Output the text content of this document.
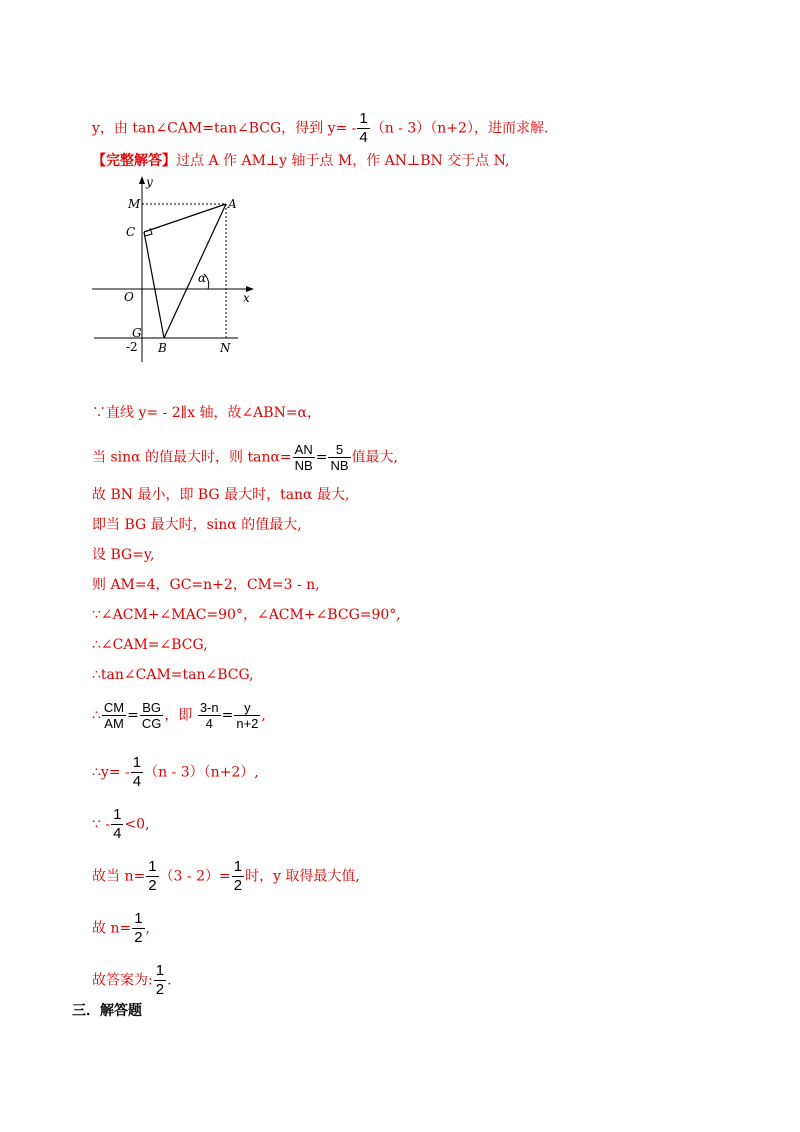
y，由 tan∠CAM=tan∠BCG，得到 $y= - \frac{1}{4} (n - 3)(n+2)$，进而求解.
【完整解答】过点 A 作 AM⊥y 轴于点 M，作 AN⊥BN 交于点 N,
y
x
M	A
C
O
G
-2 B	N
α
∵直线 y= - 2∥x 轴，故∠ABN=α，
当 sinα 的值最大时，则 $\tan\alpha= \frac{AN}{NB} = \frac{5}{NB}$ 值最大,
故 BN 最小，即 BG 最大时，tanα 最大,
即当 BG 最大时，sinα 的值最大,
设 BG=y,
则 AM=4，GC=n+2，CM=3 - n,
∵∠ACM+∠MAC=90°，∠ACM+∠BCG=90°,
∴∠CAM=∠BCG,
∴tan∠CAM=tan∠BCG,
∴ $\frac{CM}{AM} = \frac{BG}{CG}$ ，即 $\frac{3-n}{4} = \frac{y}{n+2}$ ,
∴y= - $\frac{1}{4} (n - 3)(n+2)$,
∵ - $\frac{1}{4} <0$,
故当 $n= \frac{1}{2} (3 - 2)= \frac{1}{2}$ 时，y 取得最大值,
故 $n= \frac{1}{2}$ ,
故答案为: $\frac{1}{2}$ .
三．解答题
